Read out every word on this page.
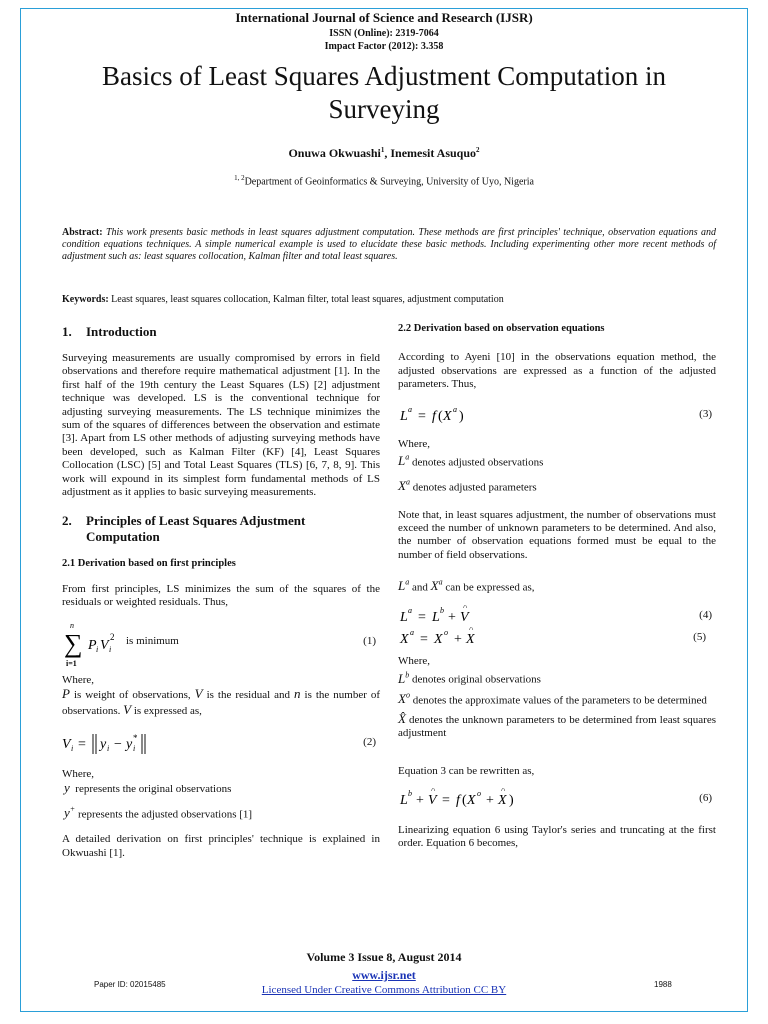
International Journal of Science and Research (IJSR)
ISSN (Online): 2319-7064
Impact Factor (2012): 3.358
Basics of Least Squares Adjustment Computation in
Surveying
Onuwa Okwuashi$^1$, Inemesit Asuquo$^2$
$^{1, 2}$Department of Geoinformatics & Surveying, University of Uyo, Nigeria
Abstract: This work presents basic methods in least squares adjustment computation. These methods are first principles' technique, observation equations and condition equations techniques. A simple numerical example is used to elucidate these basic methods. Including experimenting other more recent methods of adjustment such as: least squares collocation, Kalman filter and total least squares.
Keywords: Least squares, least squares collocation, Kalman filter, total least squares, adjustment computation
1. Introduction
Surveying measurements are usually compromised by errors in field observations and therefore require mathematical adjustment [1]. In the first half of the 19th century the Least Squares (LS) [2] adjustment technique was developed. LS is the conventional technique for adjusting surveying measurements. The LS technique minimizes the sum of the squares of differences between the observation and estimate [3]. Apart from LS other methods of adjusting surveying methods have been developed, such as Kalman Filter (KF) [4], Least Squares Collocation (LSC) [5] and Total Least Squares (TLS) [6, 7, 8, 9]. This work will expound in its simplest form fundamental methods of LS adjustment as it applies to basic surveying measurements.
2. Principles of Least Squares Adjustment
Computation
2.1 Derivation based on first principles
From first principles, LS minimizes the sum of the squares of the residuals or weighted residuals. Thus,
n
∑
i=1
P i V i
2 is minimum	(1)
Where,
P is weight of observations, V is the residual and n is the number of observations. V is expressed as,
V i = y i − y i
*	(2)
Where,
y represents the original observations
y+ represents the adjusted observations [1]
A detailed derivation on first principles' technique is explained in Okwuashi [1].
2.2 Derivation based on observation equations
According to Ayeni [10] in the observations equation method, the adjusted observations are expressed as a function of the adjusted parameters. Thus,
L a = f ( X a )	(3)
Where,
$L^a$ denotes adjusted observations
$X^a$ denotes adjusted parameters
Note that, in least squares adjustment, the number of observations must exceed the number of unknown parameters to be determined. And also, the number of observation equations formed must be equal to the number of field observations.
$L^a$ and $X^a$ can be expressed as,
L a = L b + V
^
(4)
X a = X o + X
^
(5)
Where,
$L^b$ denotes original observations
$X^o$ denotes the approximate values of the parameters to be determined
X̂ denotes the unknown parameters to be determined from least squares adjustment
Equation 3 can be rewritten as,
L b + V
^
= f ( X o + X
^
)	(6)
Linearizing equation 6 using Taylor's series and truncating at the first order. Equation 6 becomes,
Volume 3 Issue 8, August 2014
www.ijsr.net
Licensed Under Creative Commons Attribution CC BY
Paper ID: 02015485	1988
